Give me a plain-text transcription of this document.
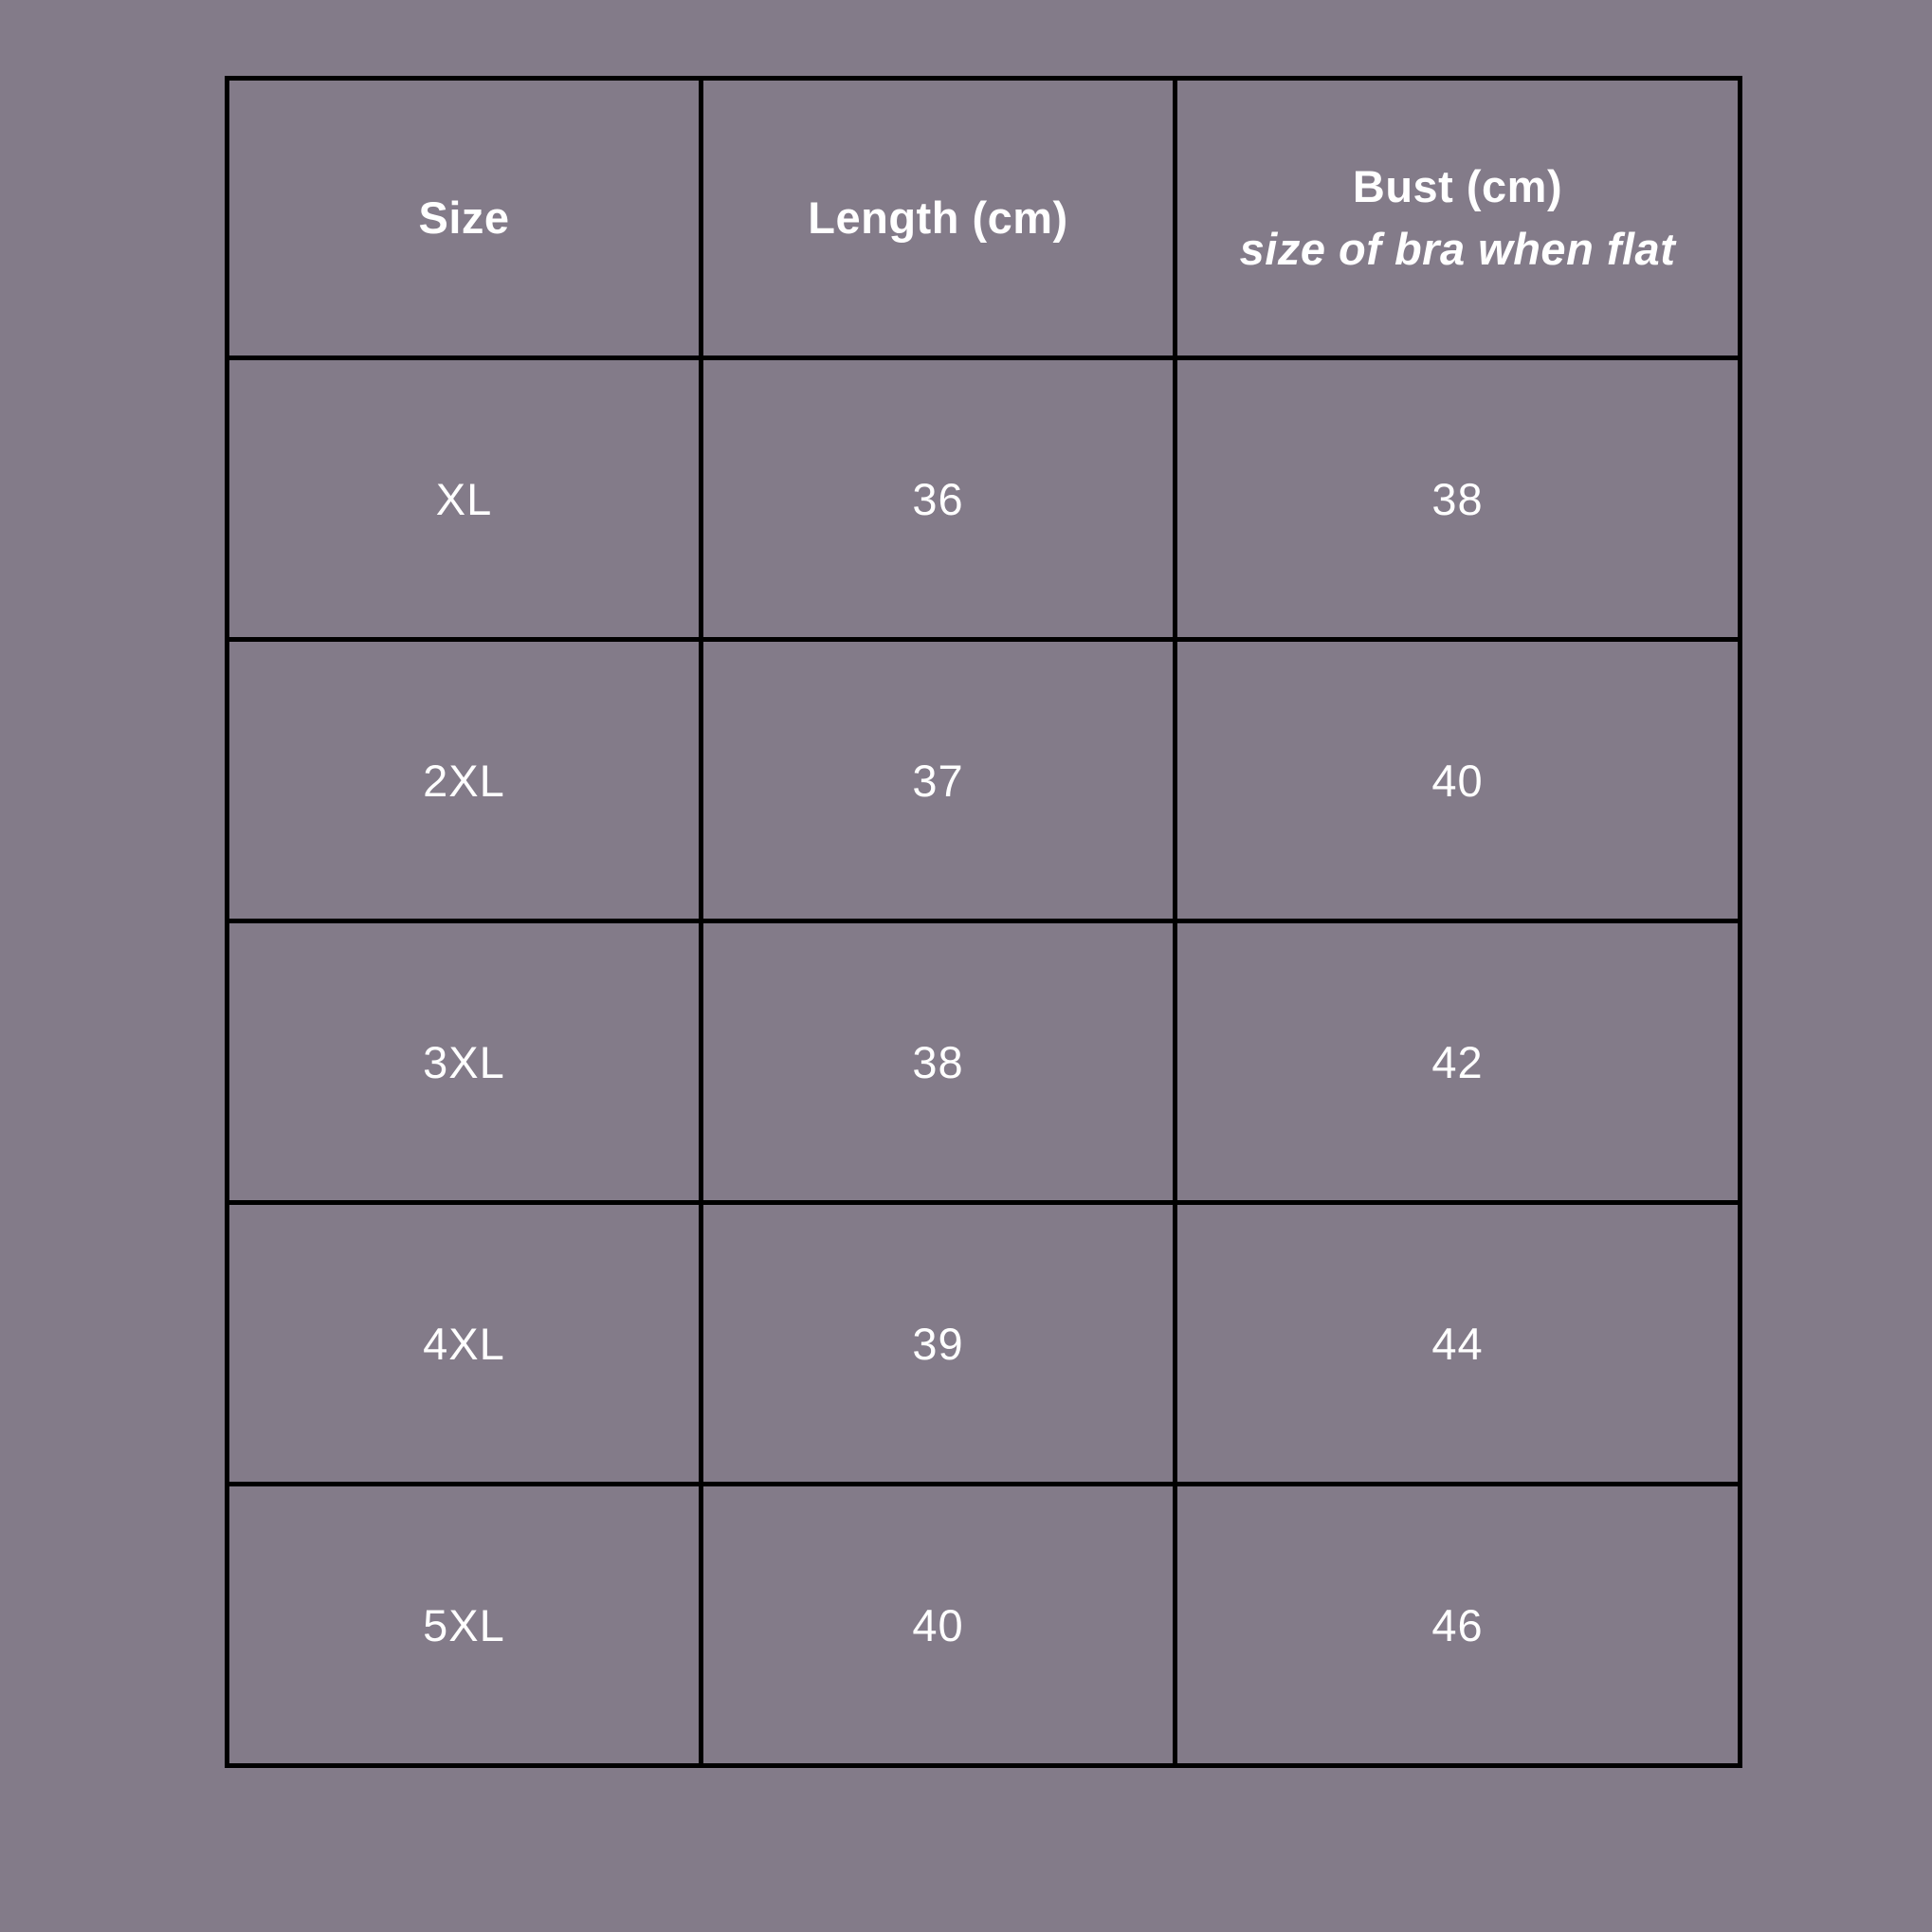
Size	Length (cm)	Bust (cm)
size of bra when flat

XL	36	38
2XL	37	40
3XL	38	42
4XL	39	44
5XL	40	46
